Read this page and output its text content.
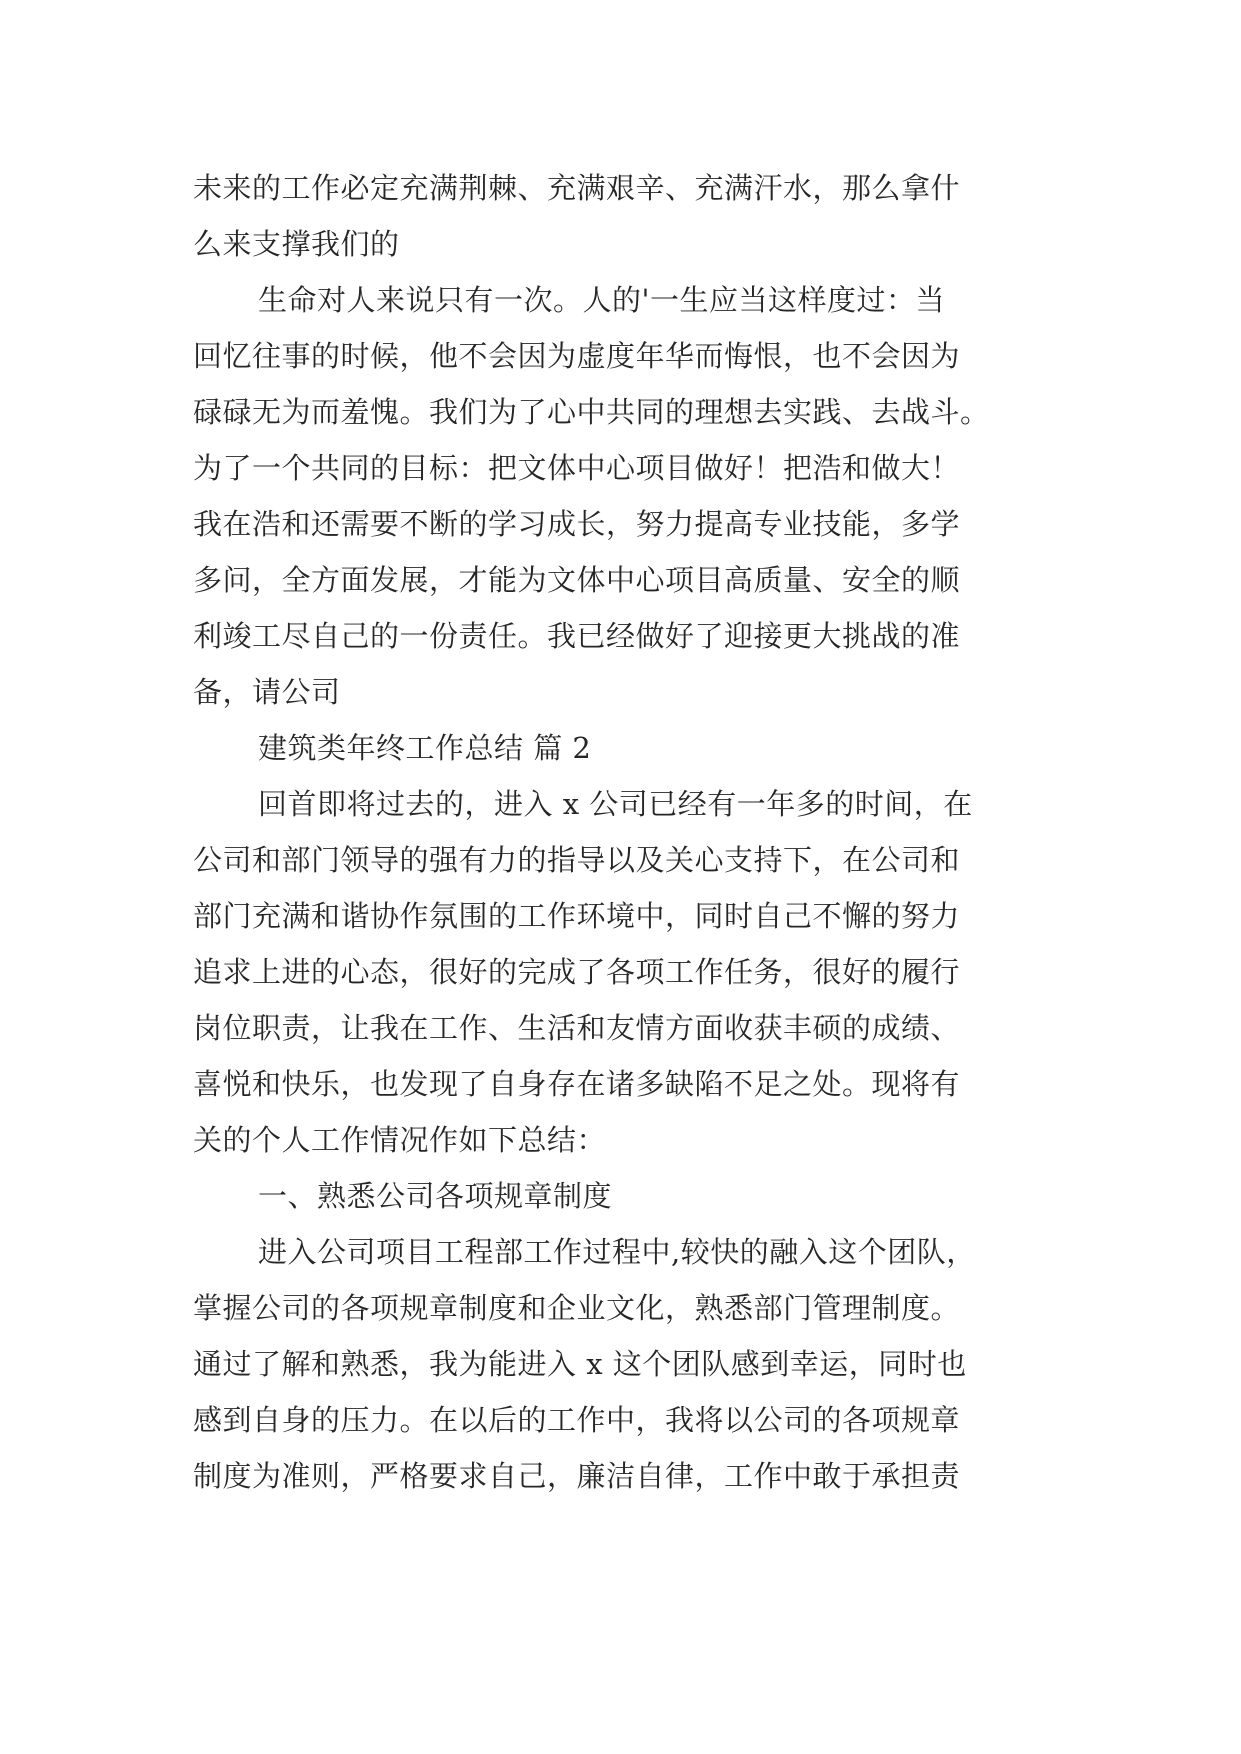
未来的工作必定充满荆棘、充满艰辛、充满汗水，那么拿什
么来支撑我们的
生命对人来说只有一次。人的'一生应当这样度过：当
回忆往事的时候，他不会因为虚度年华而悔恨，也不会因为
碌碌无为而羞愧。我们为了心中共同的理想去实践、去战斗。
为了一个共同的目标：把文体中心项目做好！把浩和做大！
我在浩和还需要不断的学习成长，努力提高专业技能，多学
多问，全方面发展，才能为文体中心项目高质量、安全的顺
利竣工尽自己的一份责任。我已经做好了迎接更大挑战的准
备，请公司
建筑类年终工作总结 篇 2
回首即将过去的，进入 x 公司已经有一年多的时间，在
公司和部门领导的强有力的指导以及关心支持下，在公司和
部门充满和谐协作氛围的工作环境中，同时自己不懈的努力
追求上进的心态，很好的完成了各项工作任务，很好的履行
岗位职责，让我在工作、生活和友情方面收获丰硕的成绩、
喜悦和快乐，也发现了自身存在诸多缺陷不足之处。现将有
关的个人工作情况作如下总结：
一、熟悉公司各项规章制度
进入公司项目工程部工作过程中,较快的融入这个团队，
掌握公司的各项规章制度和企业文化，熟悉部门管理制度。
通过了解和熟悉，我为能进入 x 这个团队感到幸运，同时也
感到自身的压力。在以后的工作中，我将以公司的各项规章
制度为准则，严格要求自己，廉洁自律，工作中敢于承担责
